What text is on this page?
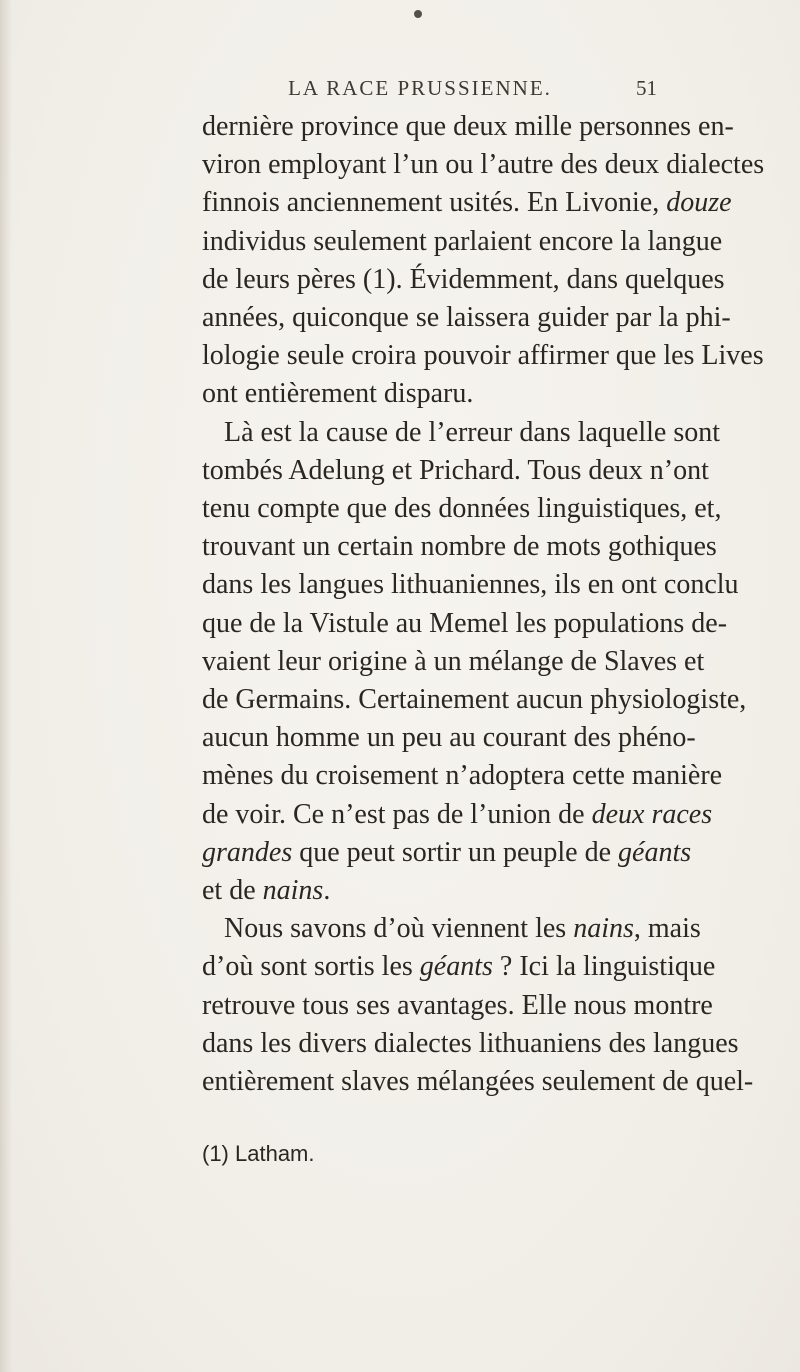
LA RACE PRUSSIENNE.	51
dernière province que deux mille personnes en-
viron employant l’un ou l’autre des deux dialectes
finnois anciennement usités. En Livonie, douze
individus seulement parlaient encore la langue
de leurs pères (1). Évidemment, dans quelques
années, quiconque se laissera guider par la phi-
lologie seule croira pouvoir affirmer que les Lives
ont entièrement disparu.
Là est la cause de l’erreur dans laquelle sont
tombés Adelung et Prichard. Tous deux n’ont
tenu compte que des données linguistiques, et,
trouvant un certain nombre de mots gothiques
dans les langues lithuaniennes, ils en ont conclu
que de la Vistule au Memel les populations de-
vaient leur origine à un mélange de Slaves et
de Germains. Certainement aucun physiologiste,
aucun homme un peu au courant des phéno-
mènes du croisement n’adoptera cette manière
de voir. Ce n’est pas de l’union de deux races
grandes que peut sortir un peuple de géants
et de nains.
Nous savons d’où viennent les nains, mais
d’où sont sortis les géants ? Ici la linguistique
retrouve tous ses avantages. Elle nous montre
dans les divers dialectes lithuaniens des langues
entièrement slaves mélangées seulement de quel-
(1) Latham.
